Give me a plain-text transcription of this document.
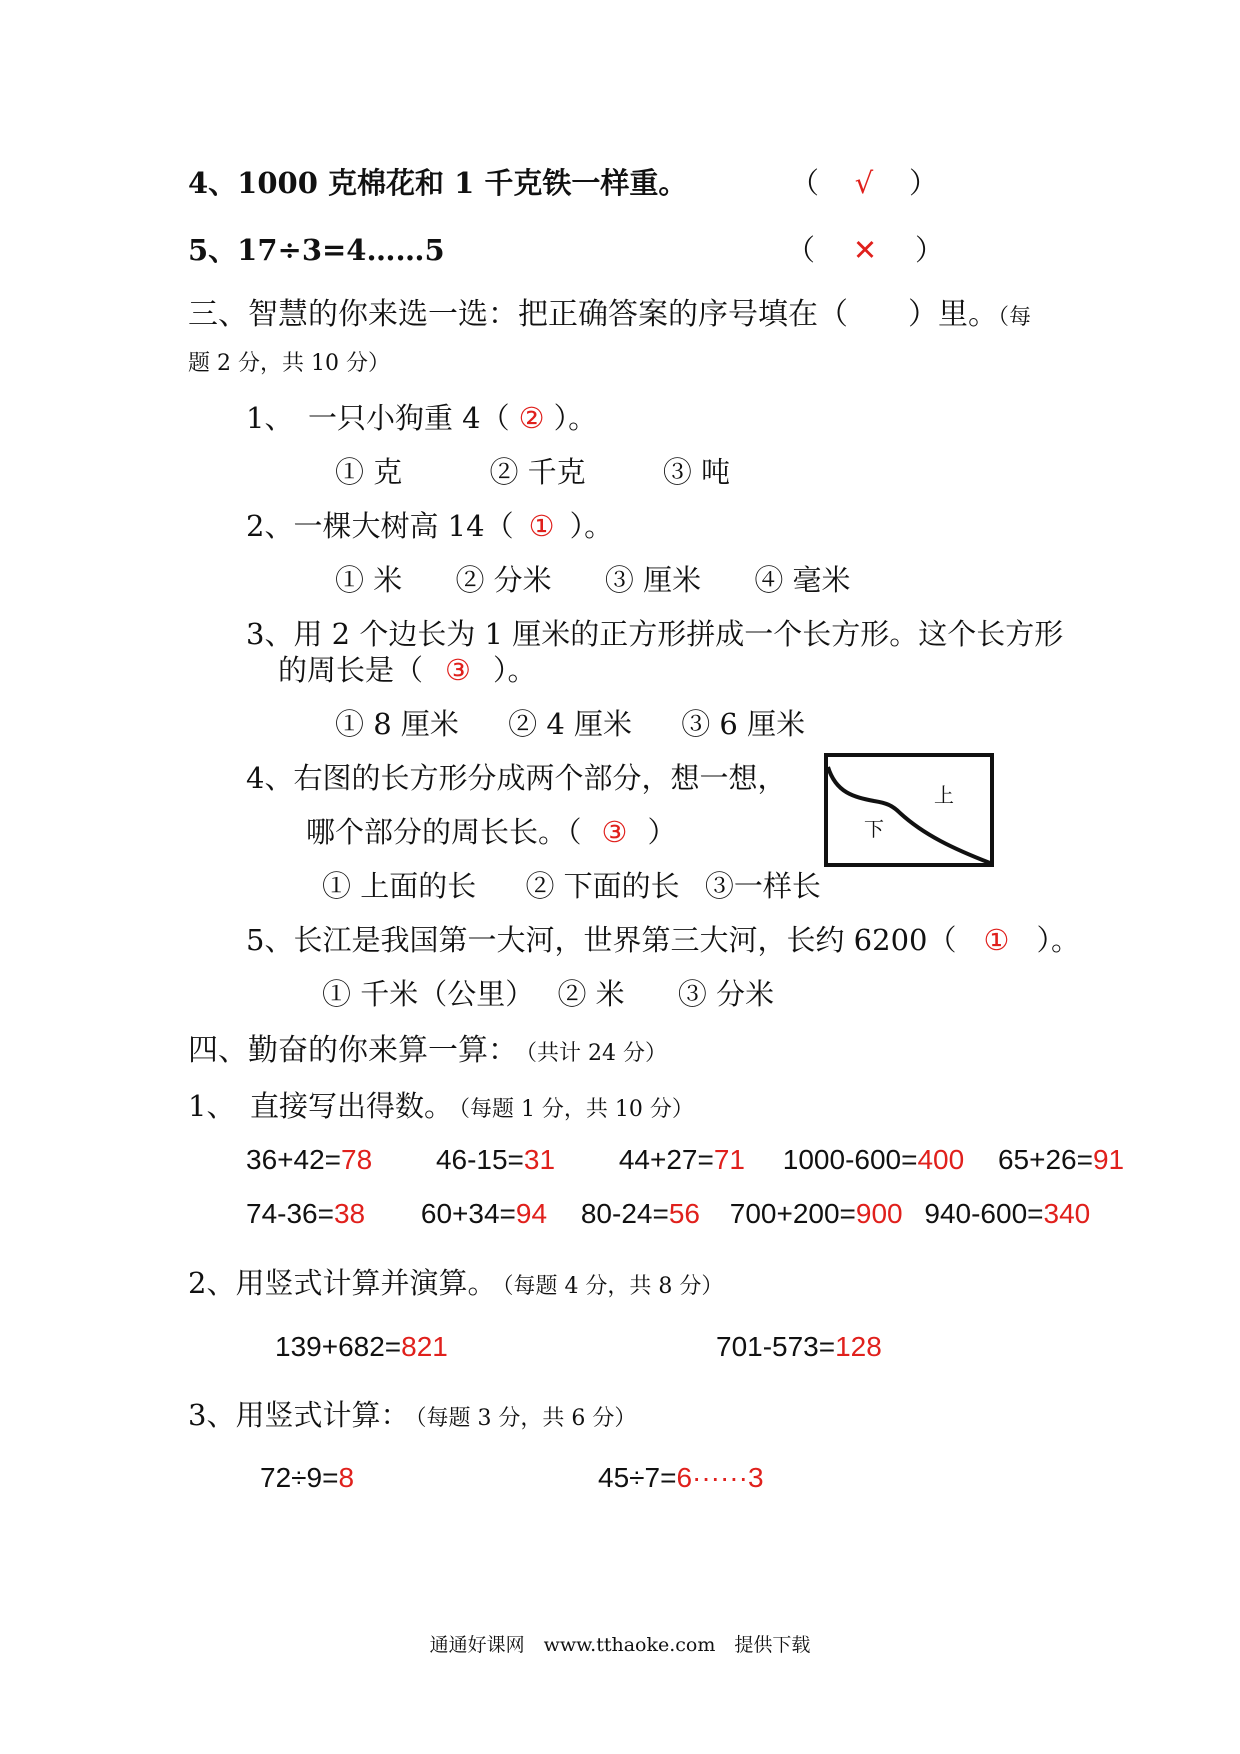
4、1000 克棉花和 1 千克铁一样重。	（ √ ）
5、17÷3=4……5	（ ✕ ）
三、智慧的你来选一选：把正确答案的序号填在（　　）里。（每
题 2 分，共 10 分）
1、　一只小狗重 4（ ② ）。
① 克	② 千克	③ 吨
2、一棵大树高 14（ ① ）。
① 米 ② 分米 ③ 厘米 ④ 毫米
3、用 2 个边长为 1 厘米的正方形拼成一个长方形。这个长方形
的周长是（ ③ ）。
① 8 厘米 ② 4 厘米 ③ 6 厘米
4、右图的长方形分成两个部分，想一想，
哪个部分的周长长。（ ③ ）
① 上面的长 ② 下面的长 ③一样长
上
下
5、长江是我国第一大河，世界第三大河，长约 6200（ ① ）。
① 千米（公里） ② 米 ③ 分米
四、勤奋的你来算一算： （共计 24 分）
1、　直接写出得数。 （每题 1 分，共 10 分）
36+42=78 46-15=31 44+27=71 1000-600=400 65+26=91
74-36=38 60+34=94 80-24=56 700+200=900 940-600=340
2、用竖式计算并演算。 （每题 4 分，共 8 分）
139+682=821	701-573=128
3、用竖式计算： （每题 3 分，共 6 分）
72÷9=8	45÷7=6······3
通通好课网　www.tthaoke.com　提供下载
